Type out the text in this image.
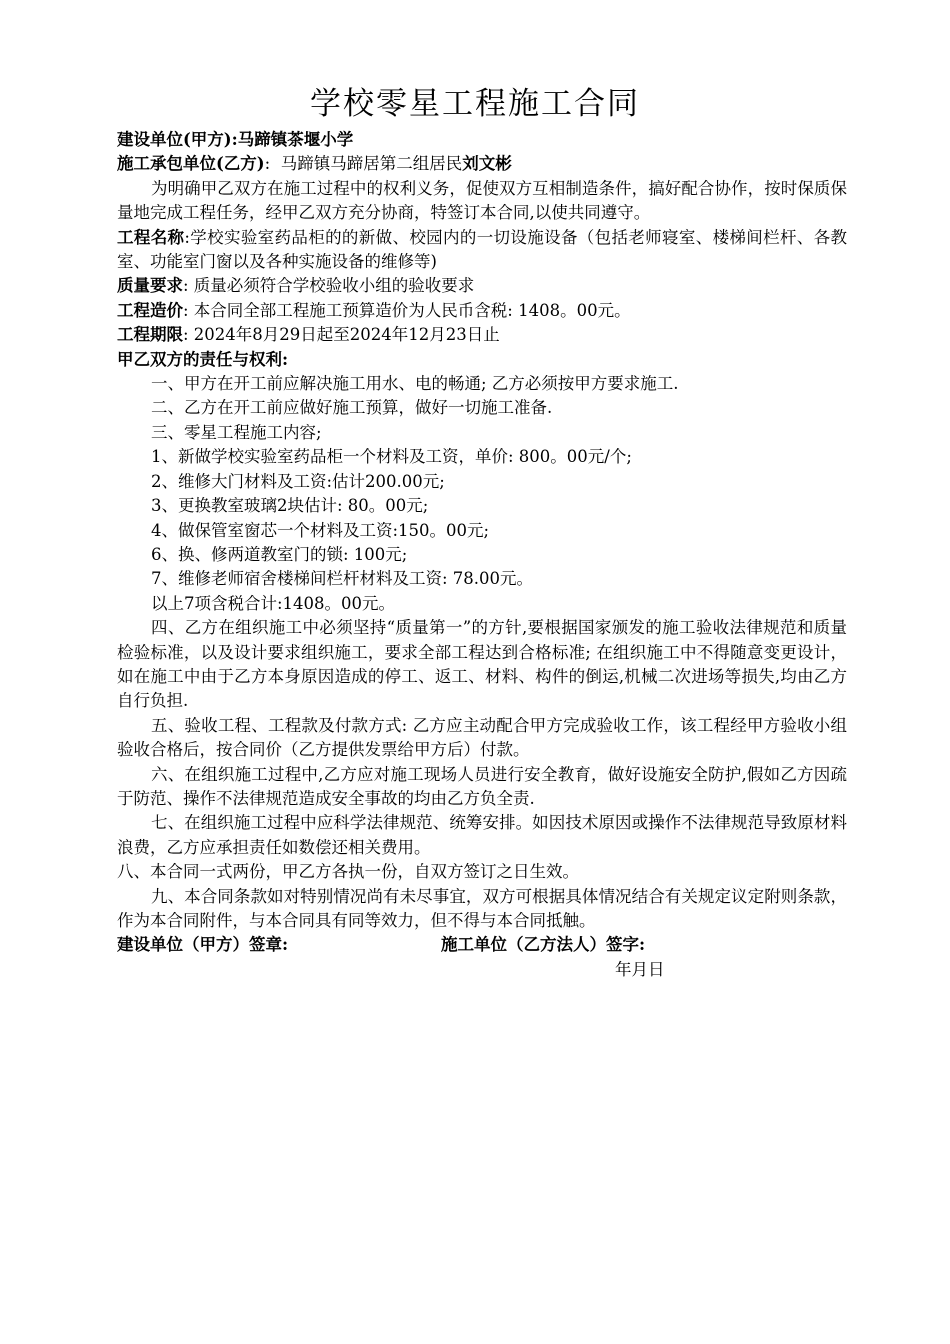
学校零星工程施工合同

建设单位(甲方):马蹄镇茶堰小学

施工承包单位(乙方): 马蹄镇马蹄居第二组居民刘文彬

为明确甲乙双方在施工过程中的权利义务，促使双方互相制造条件，搞好配合协作，按时保质保量地完成工程任务，经甲乙双方充分协商，特签订本合同,以使共同遵守。

工程名称:学校实验室药品柜的的新做、校园内的一切设施设备（包括老师寝室、楼梯间栏杆、各教室、功能室门窗以及各种实施设备的维修等)

质量要求: 质量必须符合学校验收小组的验收要求

工程造价: 本合同全部工程施工预算造价为人民币含税: 1408。00元。

工程期限: 2024年8月29日起至2024年12月23日止

甲乙双方的责任与权利:

一、甲方在开工前应解决施工用水、电的畅通; 乙方必须按甲方要求施工.

二、乙方在开工前应做好施工预算，做好一切施工准备.

三、零星工程施工内容;

1、新做学校实验室药品柜一个材料及工资，单价: 800。00元/个;

2、维修大门材料及工资:估计200.00元;

3、更换教室玻璃2块估计: 80。00元;

4、做保管室窗芯一个材料及工资:150。00元;

6、换、修两道教室门的锁: 100元;

7、维修老师宿舍楼梯间栏杆材料及工资: 78.00元。

以上7项含税合计:1408。00元。

四、乙方在组织施工中必须坚持“质量第一”的方针,要根据国家颁发的施工验收法律规范和质量检验标准，以及设计要求组织施工，要求全部工程达到合格标准; 在组织施工中不得随意变更设计，如在施工中由于乙方本身原因造成的停工、返工、材料、构件的倒运,机械二次进场等损失,均由乙方自行负担.

五、验收工程、工程款及付款方式: 乙方应主动配合甲方完成验收工作，该工程经甲方验收小组验收合格后，按合同价（乙方提供发票给甲方后）付款。

六、在组织施工过程中,乙方应对施工现场人员进行安全教育，做好设施安全防护,假如乙方因疏于防范、操作不法律规范造成安全事故的均由乙方负全责.

七、在组织施工过程中应科学法律规范、统筹安排。如因技术原因或操作不法律规范导致原材料浪费，乙方应承担责任如数偿还相关费用。

八、本合同一式两份，甲乙方各执一份，自双方签订之日生效。

九、本合同条款如对特别情况尚有未尽事宜，双方可根据具体情况结合有关规定议定附则条款，作为本合同附件，与本合同具有同等效力，但不得与本合同抵触。

建设单位（甲方）签章:	施工单位（乙方法人）签字:

年月日
